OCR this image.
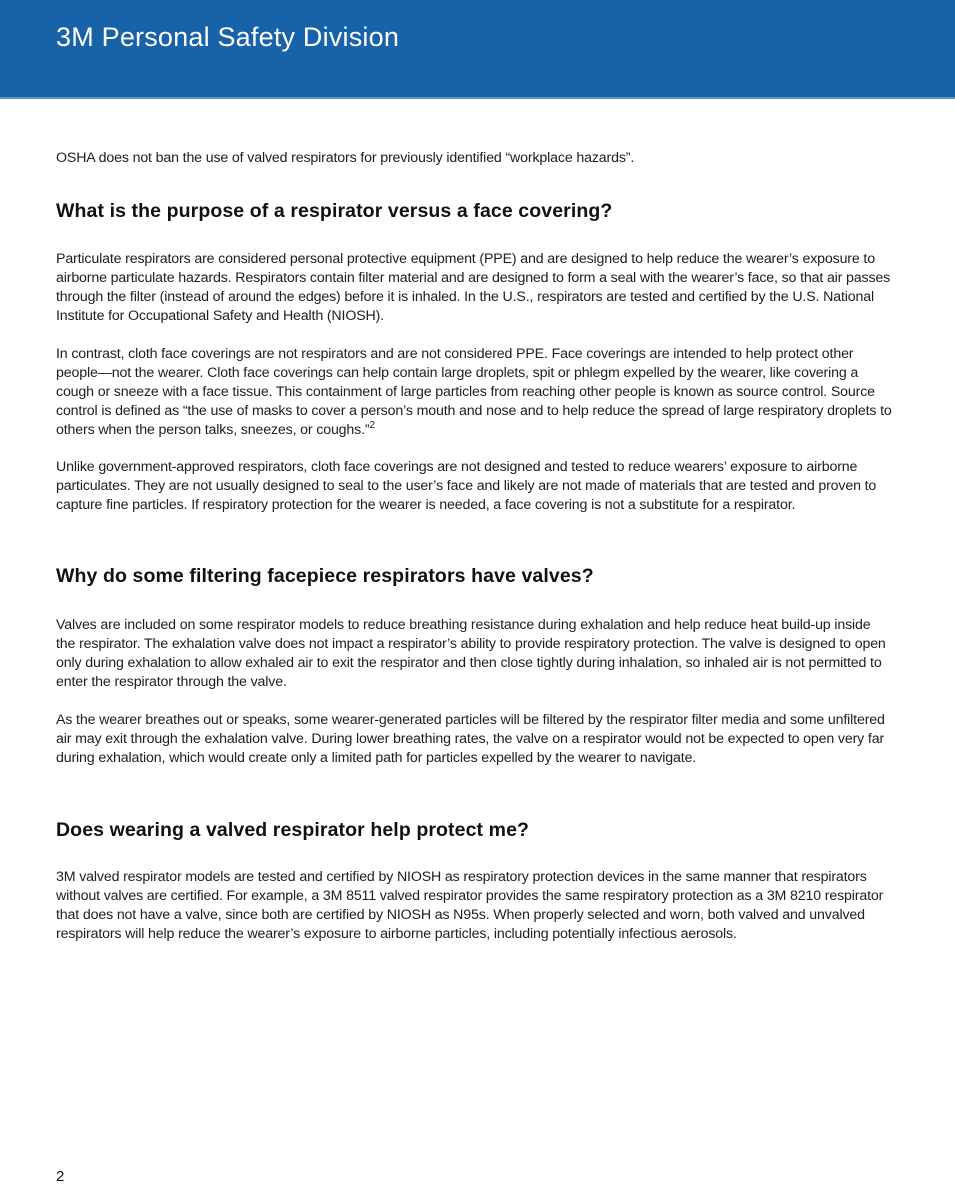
3M Personal Safety Division

OSHA does not ban the use of valved respirators for previously identified “workplace hazards”.

What is the purpose of a respirator versus a face covering?

Particulate respirators are considered personal protective equipment (PPE) and are designed to help reduce the wearer’s exposure to airborne particulate hazards. Respirators contain filter material and are designed to form a seal with the wearer’s face, so that air passes through the filter (instead of around the edges) before it is inhaled. In the U.S., respirators are tested and certified by the U.S. National Institute for Occupational Safety and Health (NIOSH).

In contrast, cloth face coverings are not respirators and are not considered PPE. Face coverings are intended to help protect other people—not the wearer. Cloth face coverings can help contain large droplets, spit or phlegm expelled by the wearer, like covering a cough or sneeze with a face tissue. This containment of large particles from reaching other people is known as source control. Source control is defined as “the use of masks to cover a person’s mouth and nose and to help reduce the spread of large respiratory droplets to others when the person talks, sneezes, or coughs.”$^2$

Unlike government-approved respirators, cloth face coverings are not designed and tested to reduce wearers’ exposure to airborne particulates. They are not usually designed to seal to the user’s face and likely are not made of materials that are tested and proven to capture fine particles. If respiratory protection for the wearer is needed, a face covering is not a substitute for a respirator.

Why do some filtering facepiece respirators have valves?

Valves are included on some respirator models to reduce breathing resistance during exhalation and help reduce heat build-up inside the respirator. The exhalation valve does not impact a respirator’s ability to provide respiratory protection. The valve is designed to open only during exhalation to allow exhaled air to exit the respirator and then close tightly during inhalation, so inhaled air is not permitted to enter the respirator through the valve.

As the wearer breathes out or speaks, some wearer-generated particles will be filtered by the respirator filter media and some unfiltered air may exit through the exhalation valve. During lower breathing rates, the valve on a respirator would not be expected to open very far during exhalation, which would create only a limited path for particles expelled by the wearer to navigate.

Does wearing a valved respirator help protect me?

3M valved respirator models are tested and certified by NIOSH as respiratory protection devices in the same manner that respirators without valves are certified. For example, a 3M 8511 valved respirator provides the same respiratory protection as a 3M 8210 respirator that does not have a valve, since both are certified by NIOSH as N95s. When properly selected and worn, both valved and unvalved respirators will help reduce the wearer’s exposure to airborne particles, including potentially infectious aerosols.

2
